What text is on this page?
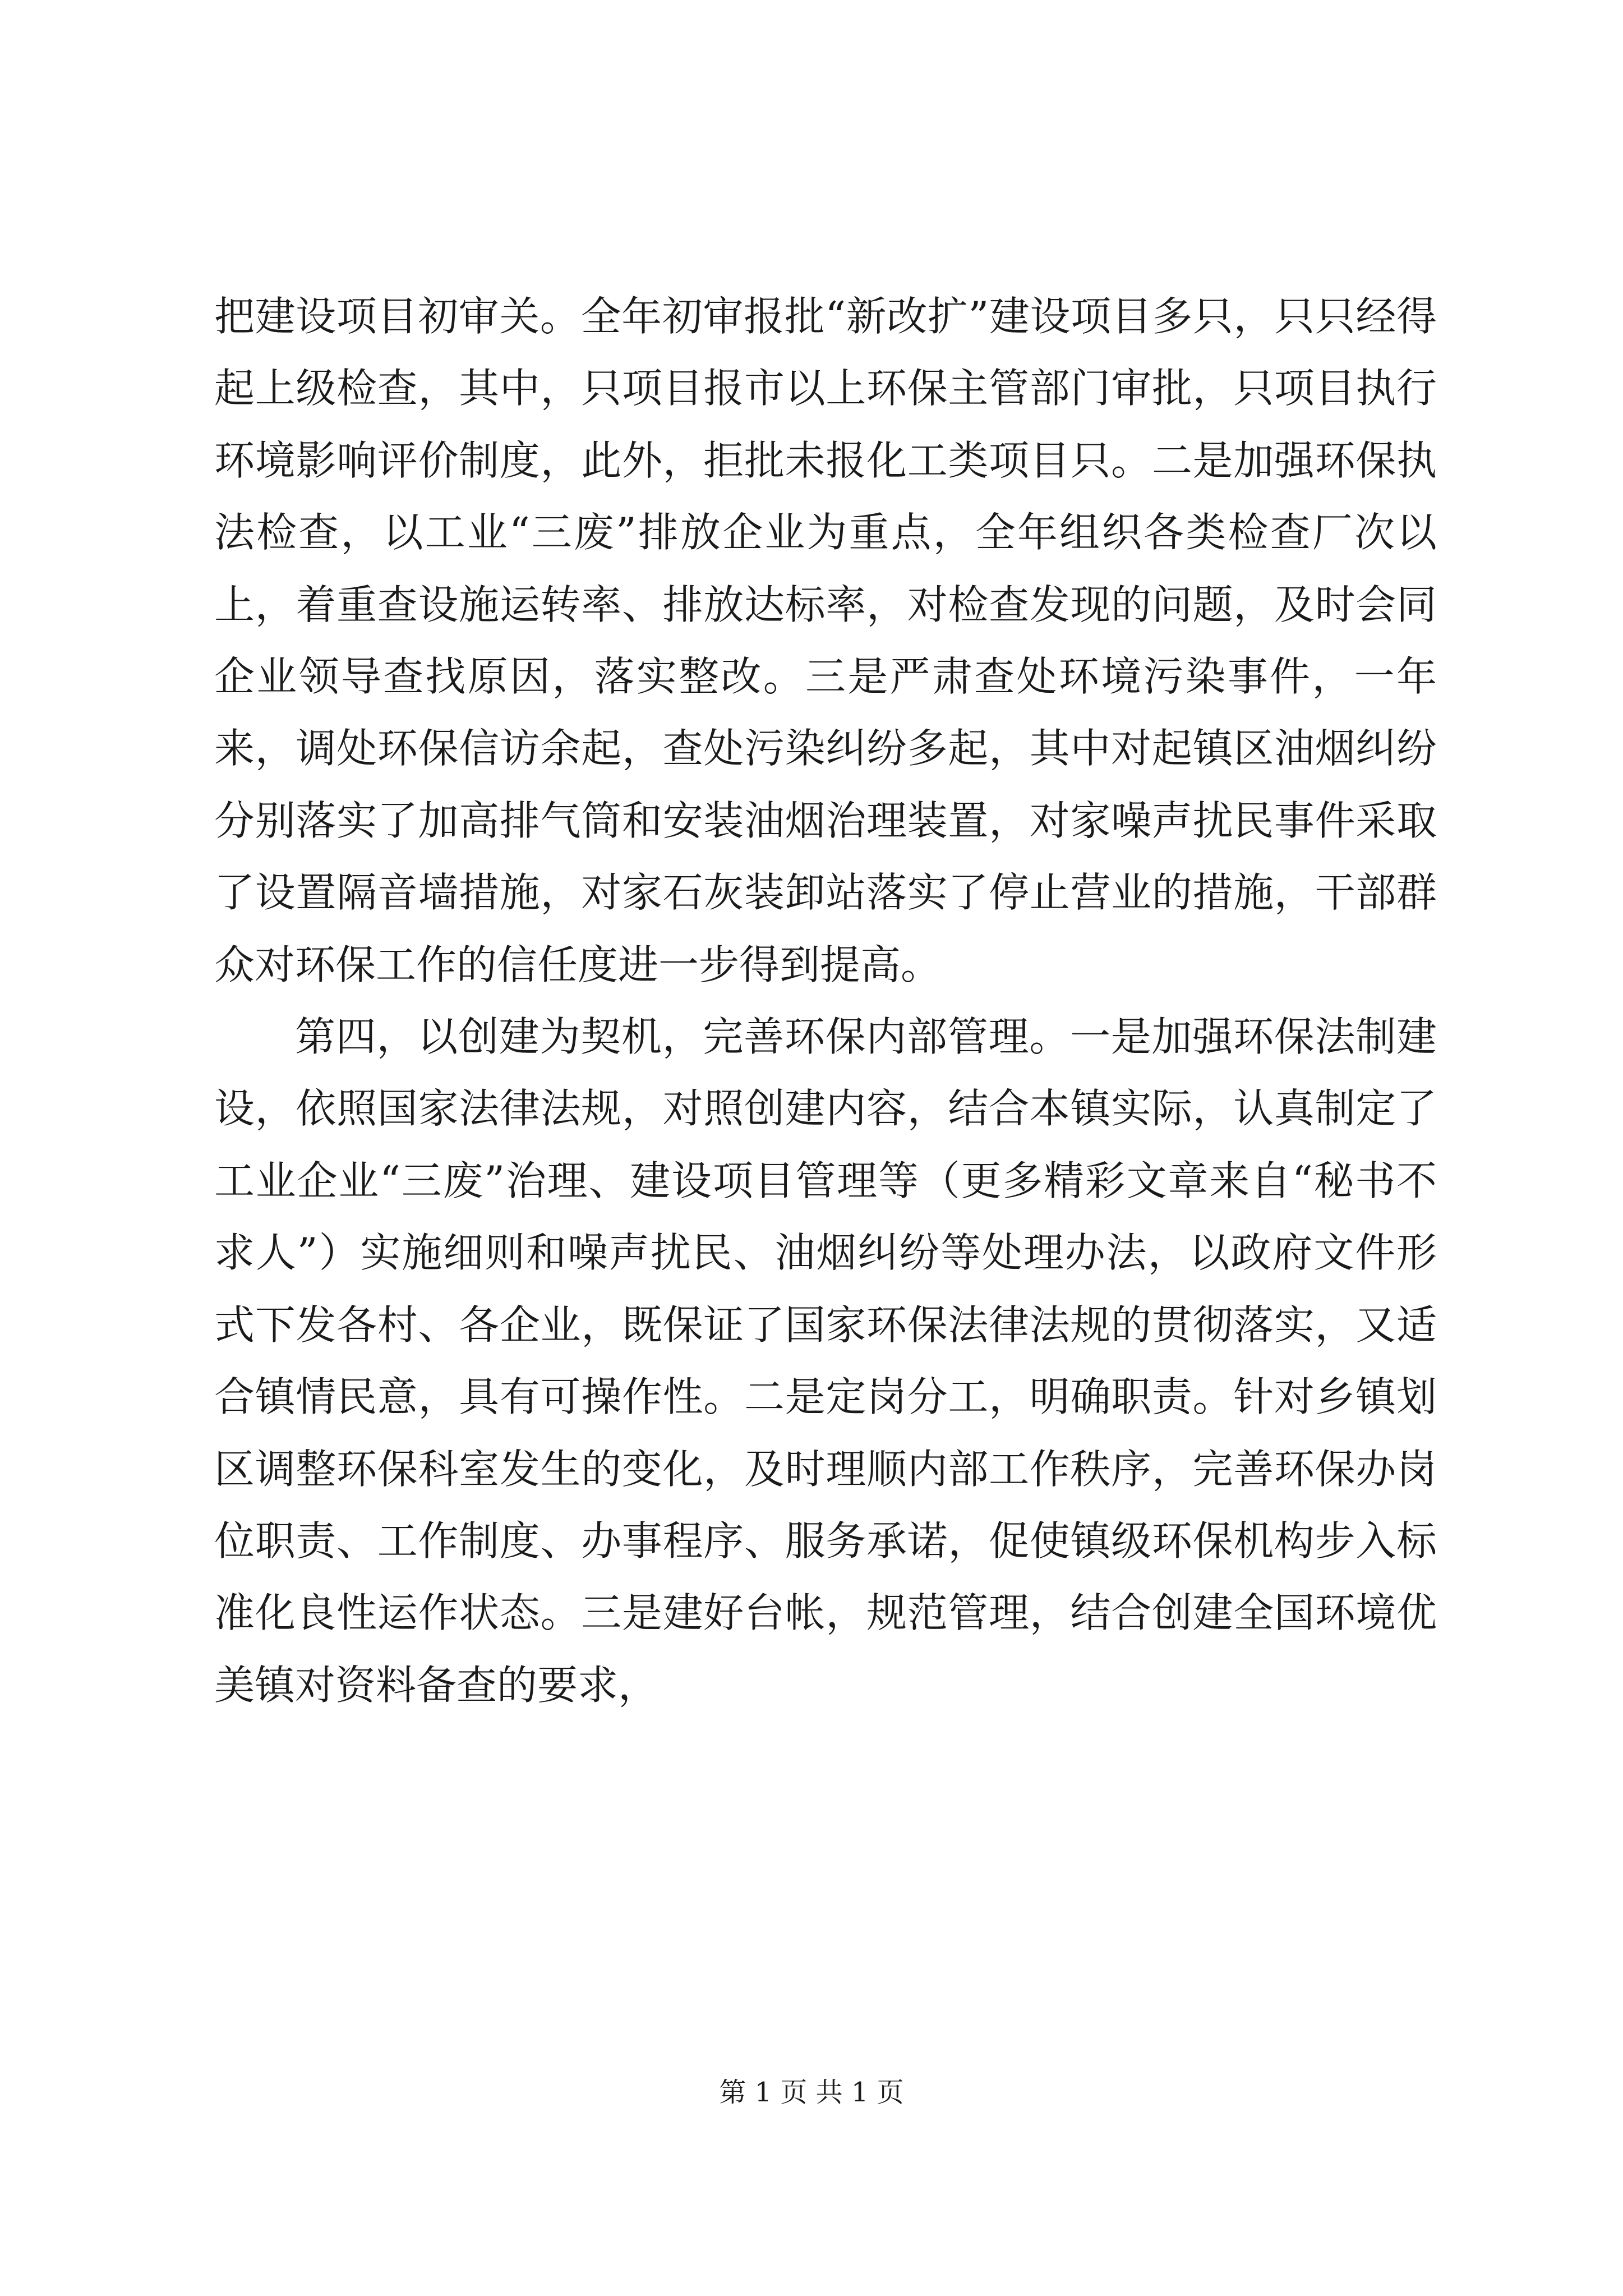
把建设项目初审关。全年初审报批“新改扩”建设项目多只，只只经得起上级检查，其中，只项目报市以上环保主管部门审批，只项目执行环境影响评价制度，此外，拒批未报化工类项目只。二是加强环保执法检查，以工业“三废”排放企业为重点，全年组织各类检查厂次以上，着重查设施运转率、排放达标率，对检查发现的问题，及时会同企业领导查找原因，落实整改。三是严肃查处环境污染事件，一年来，调处环保信访余起，查处污染纠纷多起，其中对起镇区油烟纠纷分别落实了加高排气筒和安装油烟治理装置，对家噪声扰民事件采取了设置隔音墙措施，对家石灰装卸站落实了停止营业的措施，干部群众对环保工作的信任度进一步得到提高。

第四，以创建为契机，完善环保内部管理。一是加强环保法制建设，依照国家法律法规，对照创建内容，结合本镇实际，认真制定了工业企业“三废”治理、建设项目管理等（更多精彩文章来自“秘书不求人”）实施细则和噪声扰民、油烟纠纷等处理办法，以政府文件形式下发各村、各企业，既保证了国家环保法律法规的贯彻落实，又适合镇情民意，具有可操作性。二是定岗分工，明确职责。针对乡镇划区调整环保科室发生的变化，及时理顺内部工作秩序，完善环保办岗位职责、工作制度、办事程序、服务承诺，促使镇级环保机构步入标准化良性运作状态。三是建好台帐，规范管理，结合创建全国环境优美镇对资料备查的要求，

第 1 页 共 1 页
